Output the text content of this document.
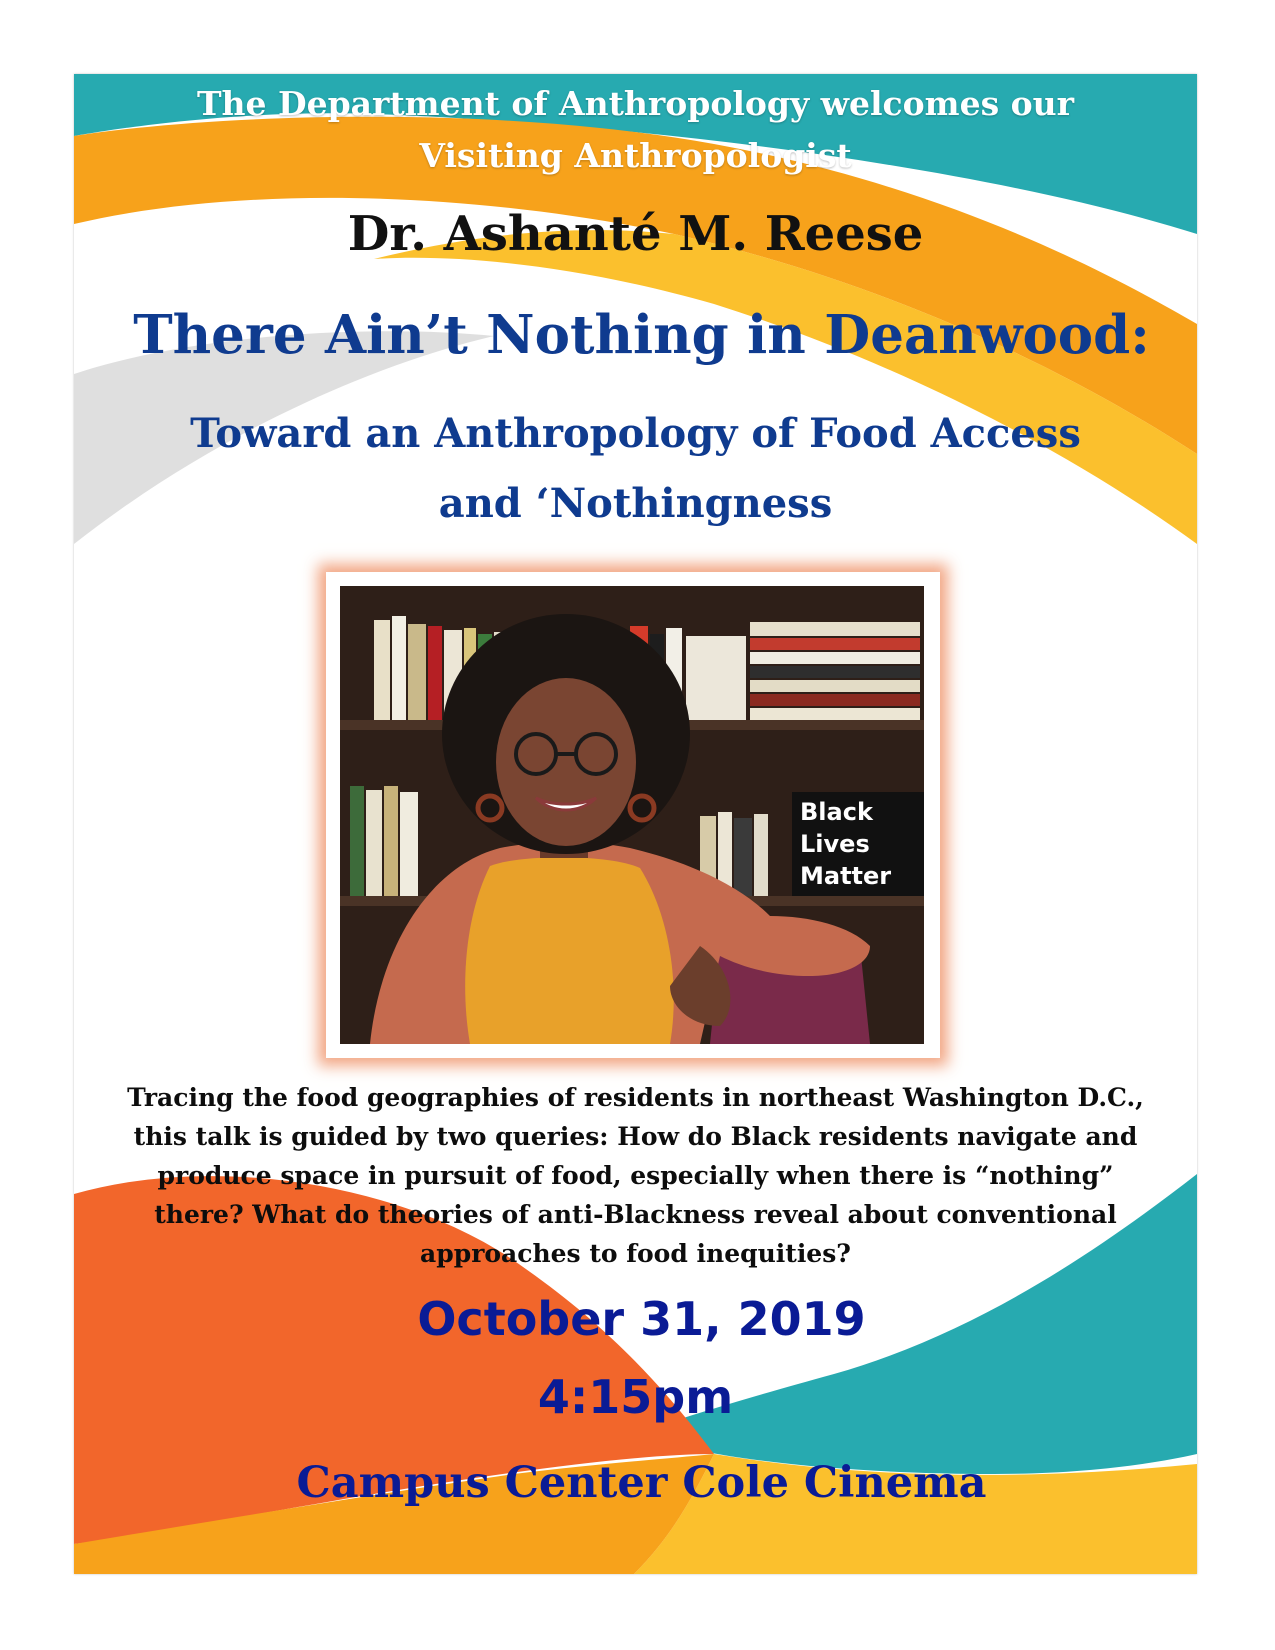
The Department of Anthropology welcomes our
Visiting Anthropologist
Dr. Ashanté M. Reese
There Ain’t Nothing in Deanwood:
Toward an Anthropology of Food Access
and ‘Nothingness
Black
Lives
Matter
Tracing the food geographies of residents in northeast Washington D.C.,
this talk is guided by two queries: How do Black residents navigate and
produce space in pursuit of food, especially when there is “nothing”
there? What do theories of anti-Blackness reveal about conventional
approaches to food inequities?
October 31, 2019
4:15pm
Campus Center Cole Cinema
